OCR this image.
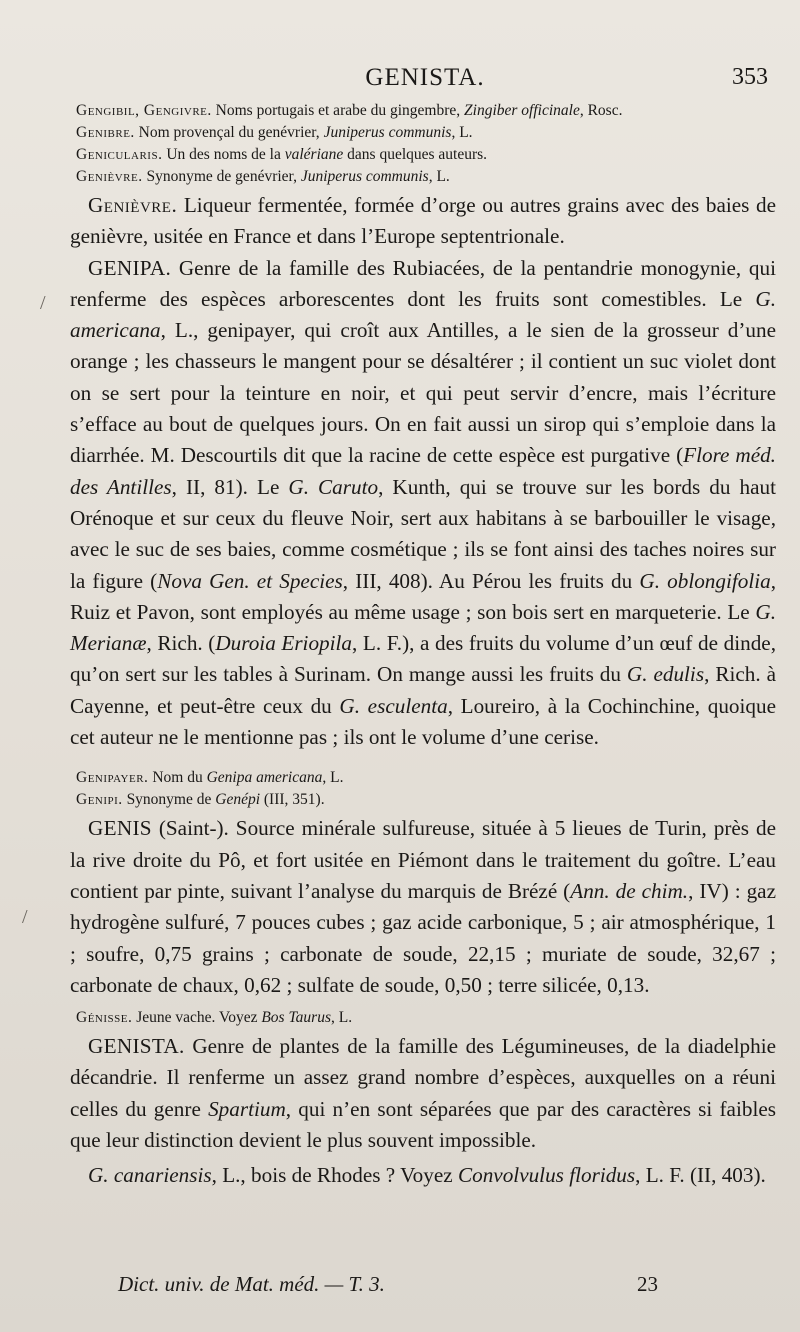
GENISTA.	353
Gengibil, Gengivre. Noms portugais et arabe du gingembre, Zingiber officinale, Rosc.
Genibre. Nom provençal du genévrier, Juniperus communis, L.
Genicularis. Un des noms de la valériane dans quelques auteurs.
Genièvre. Synonyme de genévrier, Juniperus communis, L.

Genièvre. Liqueur fermentée, formée d’orge ou autres grains avec des baies de genièvre, usitée en France et dans l’Europe septentrionale.

GENIPA. Genre de la famille des Rubiacées, de la pentandrie monogynie, qui renferme des espèces arborescentes dont les fruits sont comestibles. Le G. americana, L., genipayer, qui croît aux Antilles, a le sien de la grosseur d’une orange ; les chasseurs le mangent pour se désaltérer ; il contient un suc violet dont on se sert pour la teinture en noir, et qui peut servir d’encre, mais l’écriture s’efface au bout de quelques jours. On en fait aussi un sirop qui s’emploie dans la diarrhée. M. Descourtils dit que la racine de cette espèce est purgative (Flore méd. des Antilles, II, 81). Le G. Caruto, Kunth, qui se trouve sur les bords du haut Orénoque et sur ceux du fleuve Noir, sert aux habitans à se barbouiller le visage, avec le suc de ses baies, comme cosmétique ; ils se font ainsi des taches noires sur la figure (Nova Gen. et Species, III, 408). Au Pérou les fruits du G. oblongifolia, Ruiz et Pavon, sont employés au même usage ; son bois sert en marqueterie. Le G. Merianæ, Rich. (Duroia Eriopila, L. F.), a des fruits du volume d’un œuf de dinde, qu’on sert sur les tables à Surinam. On mange aussi les fruits du G. edulis, Rich. à Cayenne, et peut-être ceux du G. esculenta, Loureiro, à la Cochinchine, quoique cet auteur ne le mentionne pas ; ils ont le volume d’une cerise.

Genipayer. Nom du Genipa americana, L.
Genipi. Synonyme de Genépi (III, 351).

GENIS (Saint-). Source minérale sulfureuse, située à 5 lieues de Turin, près de la rive droite du Pô, et fort usitée en Piémont dans le traitement du goître. L’eau contient par pinte, suivant l’analyse du marquis de Brézé (Ann. de chim., IV) : gaz hydrogène sulfuré, 7 pouces cubes ; gaz acide carbonique, 5 ; air atmosphérique, 1 ; soufre, 0,75 grains ; carbonate de soude, 22,15 ; muriate de soude, 32,67 ; carbonate de chaux, 0,62 ; sulfate de soude, 0,50 ; terre silicée, 0,13.

Génisse. Jeune vache. Voyez Bos Taurus, L.

GENISTA. Genre de plantes de la famille des Légumineuses, de la diadelphie décandrie. Il renferme un assez grand nombre d’espèces, auxquelles on a réuni celles du genre Spartium, qui n’en sont séparées que par des caractères si faibles que leur distinction devient le plus souvent impossible.

G. canariensis, L., bois de Rhodes ? Voyez Convolvulus floridus, L. F. (II, 403).

Dict. univ. de Mat. méd. — T. 3.	23
/
/
